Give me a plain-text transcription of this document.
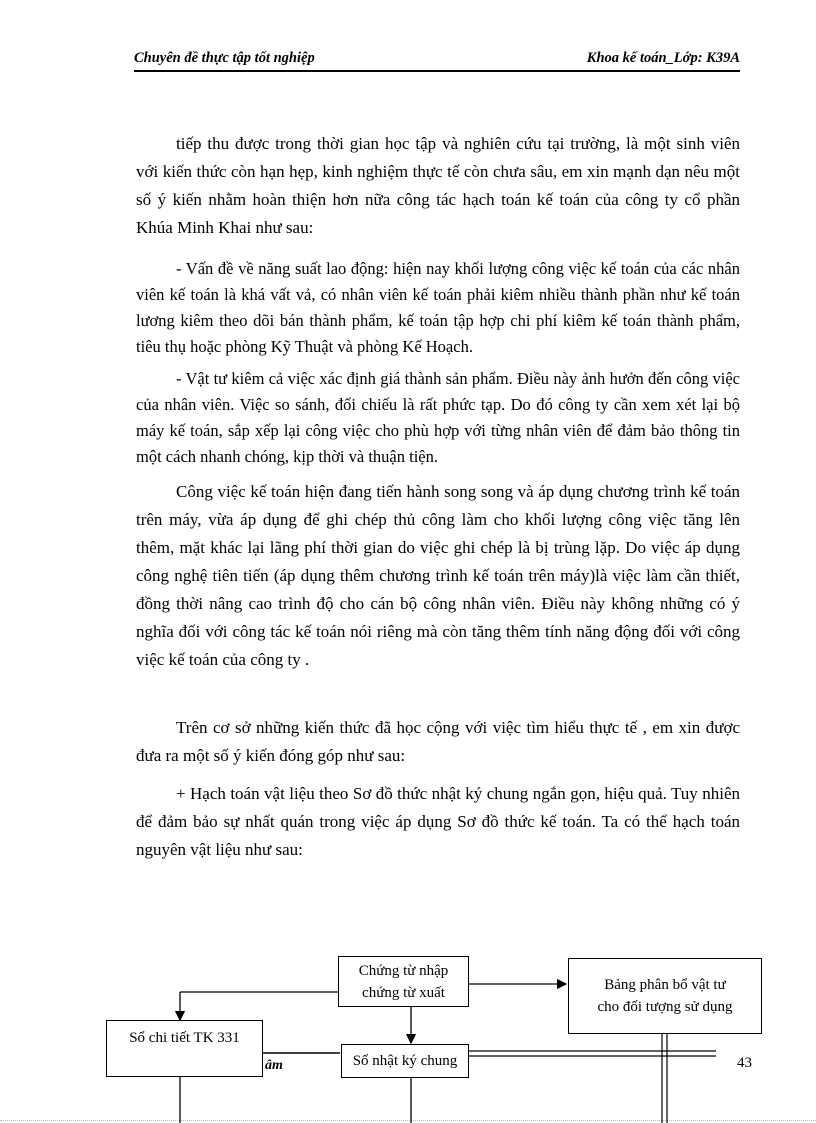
Chuyên đề thực tập tốt nghiệp	Khoa kế toán_Lớp: K39A

tiếp thu được trong thời gian học tập và nghiên cứu tại trường, là một sinh viên với kiến thức còn hạn hẹp, kinh nghiệm thực tế còn chưa sâu, em xin mạnh dạn nêu một số ý kiến nhằm hoàn thiện hơn nữa công tác hạch toán kế toán của công ty cổ phần Khúa Minh Khai như sau:

- Vấn đề về năng suất lao động: hiện nay khối lượng công việc kế toán của các nhân viên kế toán là khá vất vả, có nhân viên kế toán phải kiêm nhiều thành phần như kế toán lương kiêm theo dõi bán thành phẩm, kế toán tập hợp chi phí kiêm kế toán thành phẩm, tiêu thụ hoặc phòng Kỹ Thuật và phòng Kế Hoạch.

- Vật tư kiêm cả việc xác định giá thành sản phẩm. Điều này ảnh hưởn đến công việc của nhân viên. Việc so sánh, đối chiếu là rất phức tạp. Do đó công ty cần xem xét lại bộ máy kế toán, sắp xếp lại công việc cho phù hợp với từng nhân viên để đảm bảo thông tin một cách nhanh chóng, kịp thời và thuận tiện.

Công việc kế toán hiện đang tiến hành song song và áp dụng chương trình kế toán trên máy, vừa áp dụng để ghi chép thủ công làm cho khối lượng công việc tăng lên thêm, mặt khác lại lãng phí thời gian do việc ghi chép là bị trùng lặp. Do việc áp dụng công nghệ tiên tiến (áp dụng thêm chương trình kế toán trên máy)là việc làm cần thiết, đồng thời nâng cao trình độ cho cán bộ công nhân viên. Điều này không những có ý nghĩa đối với công tác kế toán nói riêng mà còn tăng thêm tính năng động đối với công việc kế toán của công ty .

Trên cơ sở những kiến thức đã học cộng với việc tìm hiểu thực tế , em xin được đưa ra một số ý kiến đóng góp như sau:

+ Hạch toán vật liệu theo Sơ đồ thức nhật ký chung ngắn gọn, hiệu quả. Tuy nhiên để đảm bảo sự nhất quán trong việc áp dụng Sơ đồ thức kế toán. Ta có thể hạch toán nguyên vật liệu như sau:

Chứng từ nhập
chứng từ xuất	Bảng phân bổ vật tư
cho đối tượng sử dụng
Sổ chi tiết TK 331
Sổ nhật ký chung
âm	43
